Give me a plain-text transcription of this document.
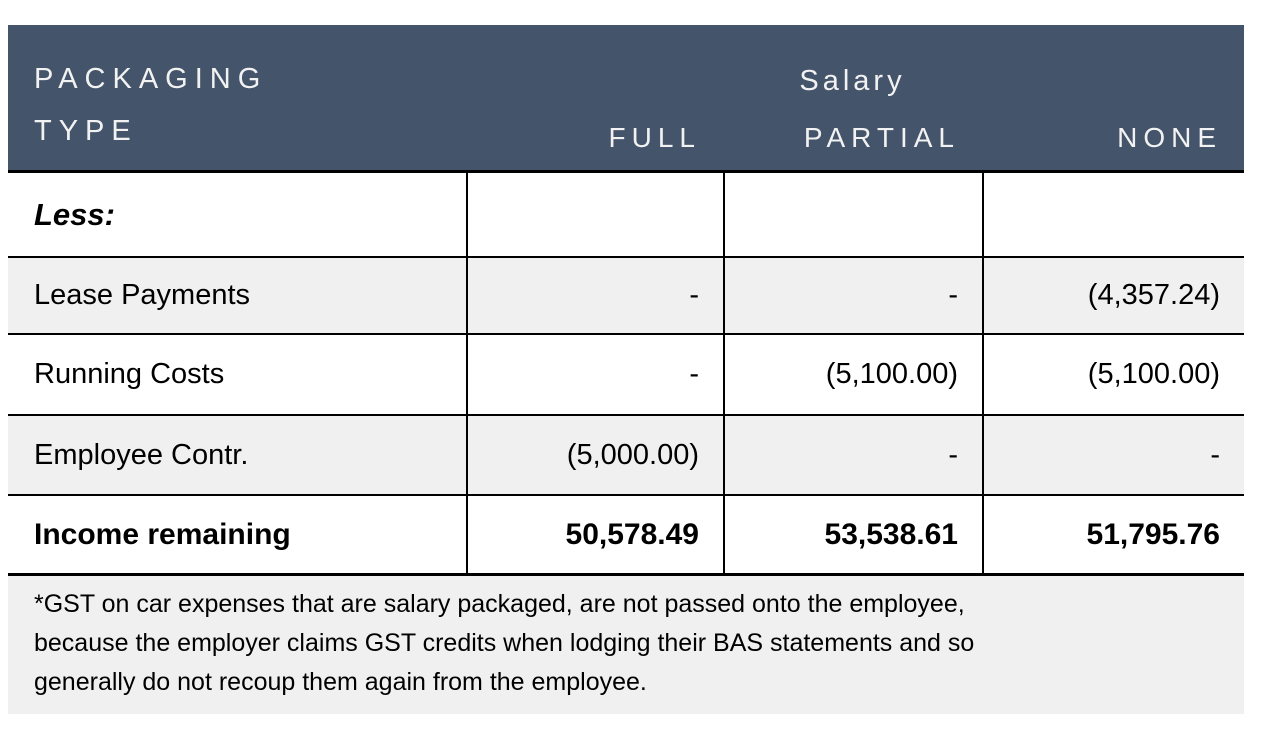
PACKAGING
TYPE
Salary
FULL	PARTIAL	NONE
Less:
Lease Payments	-	-	(4,357.24)
Running Costs	-	(5,100.00)	(5,100.00)
Employee Contr.	(5,000.00)	-	-
Income remaining	50,578.49	53,538.61	51,795.76

*GST on car expenses that are salary packaged, are not passed onto the employee, because the employer claims GST credits when lodging their BAS statements and so generally do not recoup them again from the employee.
